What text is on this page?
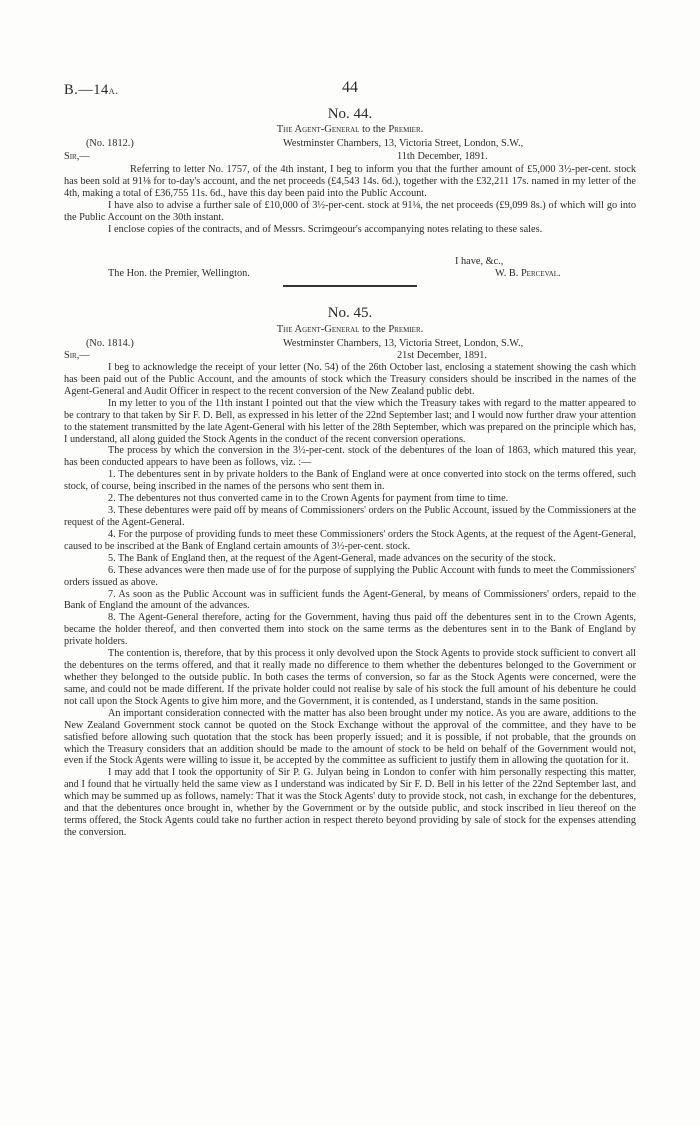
B.—14a.	44
No. 44.
The Agent-General to the Premier.
(No. 1812.)	Westminster Chambers, 13, Victoria Street, London, S.W.,
Sir,—	11th December, 1891.

Referring to letter No. 1757, of the 4th instant, I beg to inform you that the further amount of £5,000 3½-per-cent. stock has been sold at 91⅛ for to-day's account, and the net proceeds (£4,543 14s. 6d.), together with the £32,211 17s. named in my letter of the 4th, making a total of £36,755 11s. 6d., have this day been paid into the Public Account.

I have also to advise a further sale of £10,000 of 3½-per-cent. stock at 91⅛, the net proceeds (£9,099 8s.) of which will go into the Public Account on the 30th instant.

I enclose copies of the contracts, and of Messrs. Scrimgeour's accompanying notes relating to these sales.

I have, &c.,
The Hon. the Premier, Wellington.	W. B. Perceval.
No. 45.
The Agent-General to the Premier.
(No. 1814.)	Westminster Chambers, 13, Victoria Street, London, S.W.,
Sir,—	21st December, 1891.

I beg to acknowledge the receipt of your letter (No. 54) of the 26th October last, enclosing a statement showing the cash which has been paid out of the Public Account, and the amounts of stock which the Treasury considers should be inscribed in the names of the Agent-General and Audit Officer in respect to the recent conversion of the New Zealand public debt.

In my letter to you of the 11th instant I pointed out that the view which the Treasury takes with regard to the matter appeared to be contrary to that taken by Sir F. D. Bell, as expressed in his letter of the 22nd September last; and I would now further draw your attention to the statement transmitted by the late Agent-General with his letter of the 28th September, which was prepared on the principle which has, I understand, all along guided the Stock Agents in the conduct of the recent conversion operations.

The process by which the conversion in the 3½-per-cent. stock of the debentures of the loan of 1863, which matured this year, has been conducted appears to have been as follows, viz. :—

1. The debentures sent in by private holders to the Bank of England were at once converted into stock on the terms offered, such stock, of course, being inscribed in the names of the persons who sent them in.

2. The debentures not thus converted came in to the Crown Agents for payment from time to time.

3. These debentures were paid off by means of Commissioners' orders on the Public Account, issued by the Commissioners at the request of the Agent-General.

4. For the purpose of providing funds to meet these Commissioners' orders the Stock Agents, at the request of the Agent-General, caused to be inscribed at the Bank of England certain amounts of 3½-per-cent. stock.

5. The Bank of England then, at the request of the Agent-General, made advances on the security of the stock.

6. These advances were then made use of for the purpose of supplying the Public Account with funds to meet the Commissioners' orders issued as above.

7. As soon as the Public Account was in sufficient funds the Agent-General, by means of Commissioners' orders, repaid to the Bank of England the amount of the advances.

8. The Agent-General therefore, acting for the Government, having thus paid off the debentures sent in to the Crown Agents, became the holder thereof, and then converted them into stock on the same terms as the debentures sent in to the Bank of England by private holders.

The contention is, therefore, that by this process it only devolved upon the Stock Agents to provide stock sufficient to convert all the debentures on the terms offered, and that it really made no difference to them whether the debentures belonged to the Government or whether they belonged to the outside public. In both cases the terms of conversion, so far as the Stock Agents were concerned, were the same, and could not be made different. If the private holder could not realise by sale of his stock the full amount of his debenture he could not call upon the Stock Agents to give him more, and the Government, it is contended, as I understand, stands in the same position.

An important consideration connected with the matter has also been brought under my notice. As you are aware, additions to the New Zealand Government stock cannot be quoted on the Stock Exchange without the approval of the committee, and they have to be satisfied before allowing such quotation that the stock has been properly issued; and it is possible, if not probable, that the grounds on which the Treasury considers that an addition should be made to the amount of stock to be held on behalf of the Government would not, even if the Stock Agents were willing to issue it, be accepted by the committee as sufficient to justify them in allowing the quotation for it.

I may add that I took the opportunity of Sir P. G. Julyan being in London to confer with him personally respecting this matter, and I found that he virtually held the same view as I understand was indicated by Sir F. D. Bell in his letter of the 22nd September last, and which may be summed up as follows, namely: That it was the Stock Agents' duty to provide stock, not cash, in exchange for the debentures, and that the debentures once brought in, whether by the Government or by the outside public, and stock inscribed in lieu thereof on the terms offered, the Stock Agents could take no further action in respect thereto beyond providing by sale of stock for the expenses attending the conversion.
